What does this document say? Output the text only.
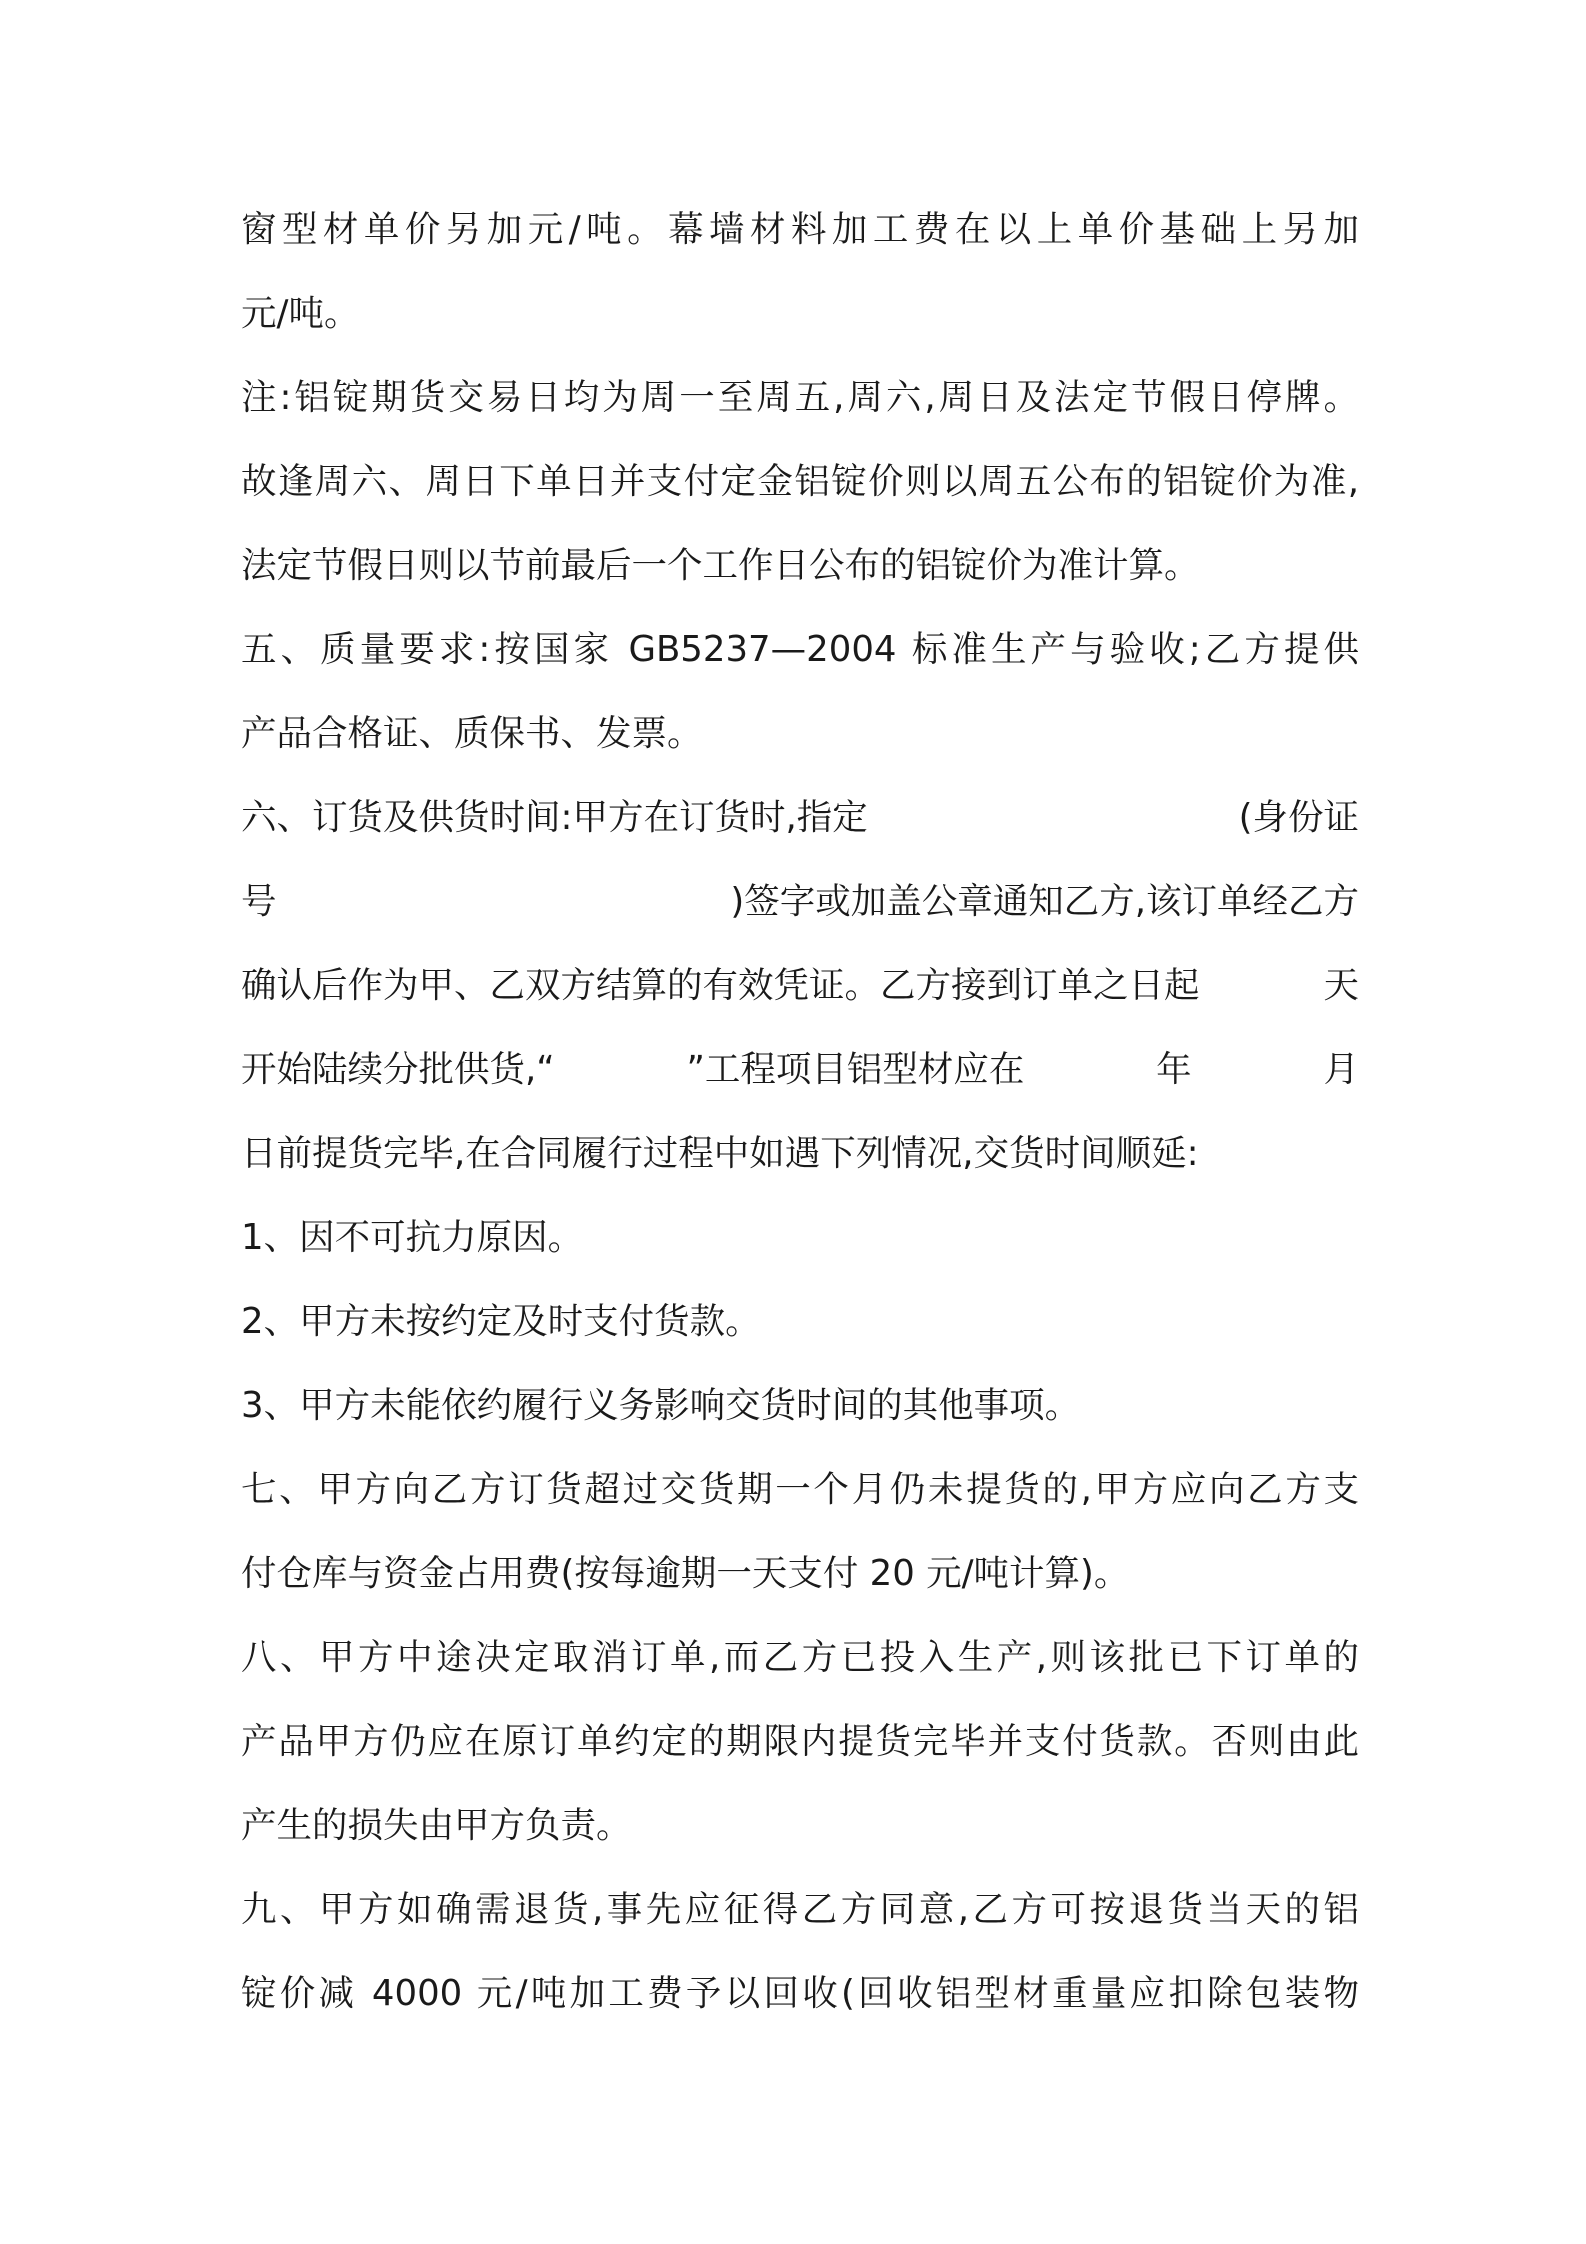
窗型材单价另加元/吨。幕墙材料加工费在以上单价基础上另加
元/吨。
注:铝锭期货交易日均为周一至周五,周六,周日及法定节假日停牌。
故逢周六、周日下单日并支付定金铝锭价则以周五公布的铝锭价为准,
法定节假日则以节前最后一个工作日公布的铝锭价为准计算。
五、质量要求:按国家 GB5237—2004 标准生产与验收;乙方提供
产品合格证、质保书、发票。
六、订货及供货时间:甲方在订货时,指定	(身份证
号	)签字或加盖公章通知乙方,该订单经乙方
确认后作为甲、乙双方结算的有效凭证。乙方接到订单之日起	天
开始陆续分批供货,“	”工程项目铝型材应在	年	月
日前提货完毕,在合同履行过程中如遇下列情况,交货时间顺延:
1、因不可抗力原因。
2、甲方未按约定及时支付货款。
3、甲方未能依约履行义务影响交货时间的其他事项。
七、甲方向乙方订货超过交货期一个月仍未提货的,甲方应向乙方支
付仓库与资金占用费(按每逾期一天支付 20 元/吨计算)。
八、甲方中途决定取消订单,而乙方已投入生产,则该批已下订单的
产品甲方仍应在原订单约定的期限内提货完毕并支付货款。否则由此
产生的损失由甲方负责。
九、甲方如确需退货,事先应征得乙方同意,乙方可按退货当天的铝
锭价减 4000 元/吨加工费予以回收(回收铝型材重量应扣除包装物
